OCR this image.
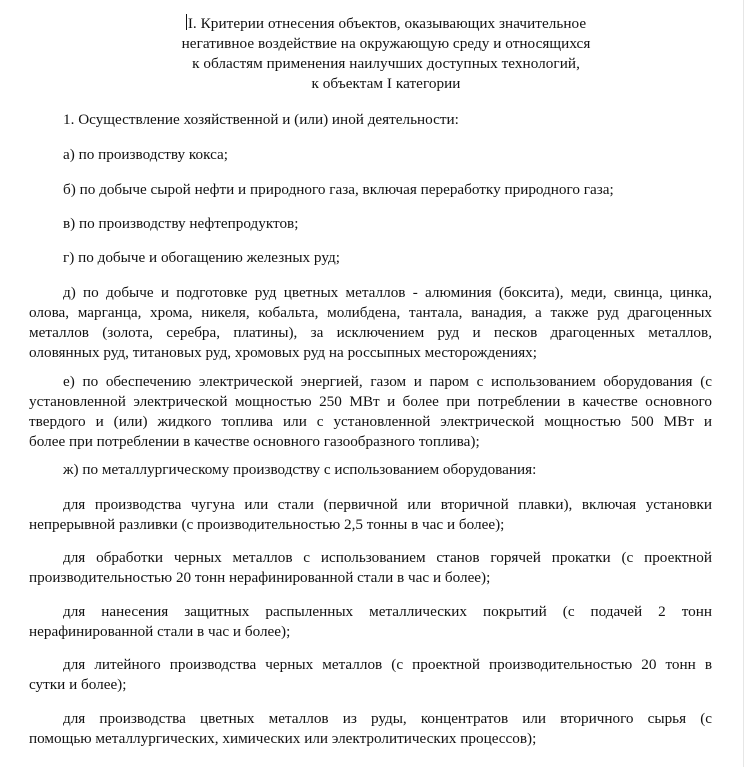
I. Критерии отнесения объектов, оказывающих значительное
негативное воздействие на окружающую среду и относящихся
к областям применения наилучших доступных технологий,
к объектам I категории
1. Осуществление хозяйственной и (или) иной деятельности:
а) по производству кокса;
б) по добыче сырой нефти и природного газа, включая переработку природного газа;
в) по производству нефтепродуктов;
г) по добыче и обогащению железных руд;
д) по добыче и подготовке руд цветных металлов - алюминия (боксита), меди, свинца, цинка,
олова, марганца, хрома, никеля, кобальта, молибдена, тантала, ванадия, а также руд драгоценных
металлов (золота, серебра, платины), за исключением руд и песков драгоценных металлов,
оловянных руд, титановых руд, хромовых руд на россыпных месторождениях;
е) по обеспечению электрической энергией, газом и паром с использованием оборудования (с
установленной электрической мощностью 250 МВт и более при потреблении в качестве основного
твердого и (или) жидкого топлива или с установленной электрической мощностью 500 МВт и
более при потреблении в качестве основного газообразного топлива);
ж) по металлургическому производству с использованием оборудования:
для производства чугуна или стали (первичной или вторичной плавки), включая установки
непрерывной разливки (с производительностью 2,5 тонны в час и более);
для обработки черных металлов с использованием станов горячей прокатки (с проектной
производительностью 20 тонн нерафинированной стали в час и более);
для нанесения защитных распыленных металлических покрытий (с подачей 2 тонн
нерафинированной стали в час и более);
для литейного производства черных металлов (с проектной производительностью 20 тонн в
сутки и более);
для производства цветных металлов из руды, концентратов или вторичного сырья (с
помощью металлургических, химических или электролитических процессов);
